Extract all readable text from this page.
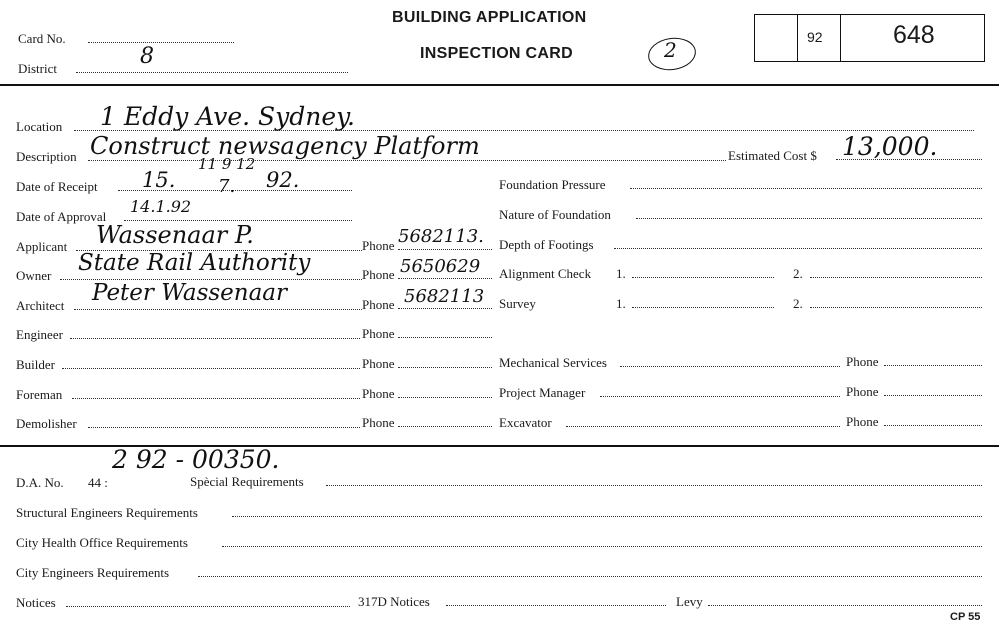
Card No.
District	8
BUILDING APPLICATION
INSPECTION CARD	2
92	648
Location 1 Eddy Ave. Sydney.
Description Construct newsagency Platform	Estimated Cost $ 13,000.
Date of Receipt 15. 7. 92.
11 9 12
Date of Approval
14.1.92
Applicant Wassenaar P.	Phone 5682113.
Owner State Rail Authority	Phone 5650629
Architect Peter Wassenaar	Phone 5682113
Engineer	Phone
Builder	Phone
Foreman	Phone
Demolisher	Phone
Foundation Pressure
Nature of Foundation
Depth of Footings
Alignment Check 1.	2.
Survey	1.	2.
Mechanical Services	Phone
Project Manager	Phone
Excavator	Phone
D.A. No. 44 :
2 92 - 00350.
Spècial Requirements
Structural Engineers Requirements
City Health Office Requirements
City Engineers Requirements
Notices	317D Notices	Levy
CP 55
